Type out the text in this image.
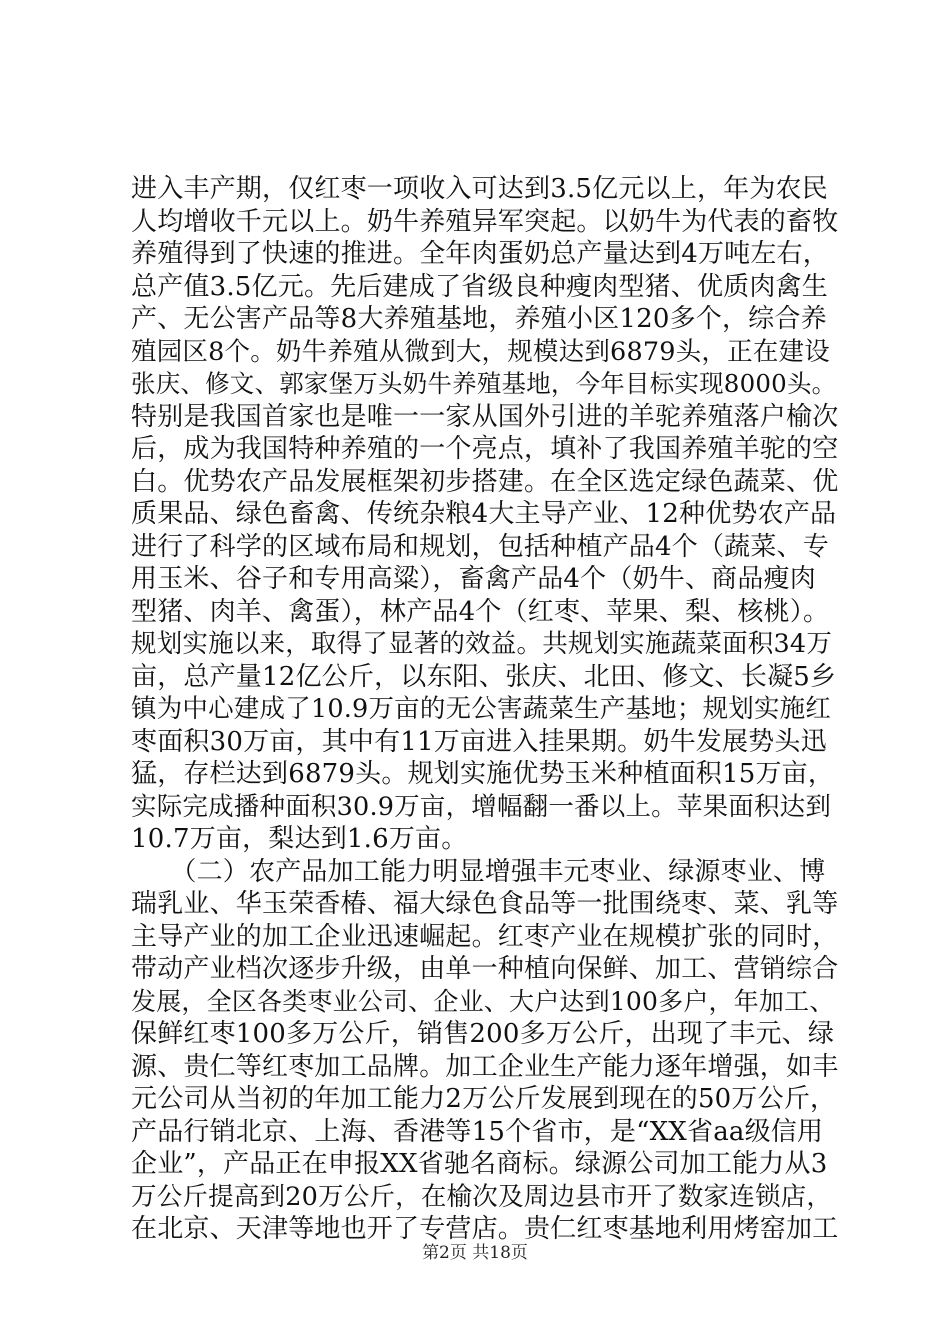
进入丰产期，仅红枣一项收入可达到3.5亿元以上，年为农民
人均增收千元以上。奶牛养殖异军突起。以奶牛为代表的畜牧
养殖得到了快速的推进。全年肉蛋奶总产量达到4万吨左右，
总产值3.5亿元。先后建成了省级良种瘦肉型猪、优质肉禽生
产、无公害产品等8大养殖基地，养殖小区120多个，综合养
殖园区8个。奶牛养殖从微到大，规模达到6879头，正在建设
张庆、修文、郭家堡万头奶牛养殖基地，今年目标实现8000头。
特别是我国首家也是唯一一家从国外引进的羊驼养殖落户榆次
后，成为我国特种养殖的一个亮点，填补了我国养殖羊驼的空
白。优势农产品发展框架初步搭建。在全区选定绿色蔬菜、优
质果品、绿色畜禽、传统杂粮4大主导产业、12种优势农产品
进行了科学的区域布局和规划，包括种植产品4个（蔬菜、专
用玉米、谷子和专用高粱），畜禽产品4个（奶牛、商品瘦肉
型猪、肉羊、禽蛋），林产品4个（红枣、苹果、梨、核桃）。
规划实施以来，取得了显著的效益。共规划实施蔬菜面积34万
亩，总产量12亿公斤，以东阳、张庆、北田、修文、长凝5乡
镇为中心建成了10.9万亩的无公害蔬菜生产基地；规划实施红
枣面积30万亩，其中有11万亩进入挂果期。奶牛发展势头迅
猛，存栏达到6879头。规划实施优势玉米种植面积15万亩，
实际完成播种面积30.9万亩，增幅翻一番以上。苹果面积达到
10.7万亩，梨达到1.6万亩。
　　（二）农产品加工能力明显增强丰元枣业、绿源枣业、博
瑞乳业、华玉荣香椿、福大绿色食品等一批围绕枣、菜、乳等
主导产业的加工企业迅速崛起。红枣产业在规模扩张的同时，
带动产业档次逐步升级，由单一种植向保鲜、加工、营销综合
发展，全区各类枣业公司、企业、大户达到100多户，年加工、
保鲜红枣100多万公斤，销售200多万公斤，出现了丰元、绿
源、贵仁等红枣加工品牌。加工企业生产能力逐年增强，如丰
元公司从当初的年加工能力2万公斤发展到现在的50万公斤，
产品行销北京、上海、香港等15个省市，是“XX省aa级信用
企业”，产品正在申报XX省驰名商标。绿源公司加工能力从3
万公斤提高到20万公斤，在榆次及周边县市开了数家连锁店，
在北京、天津等地也开了专营店。贵仁红枣基地利用烤窑加工
第2页 共18页
